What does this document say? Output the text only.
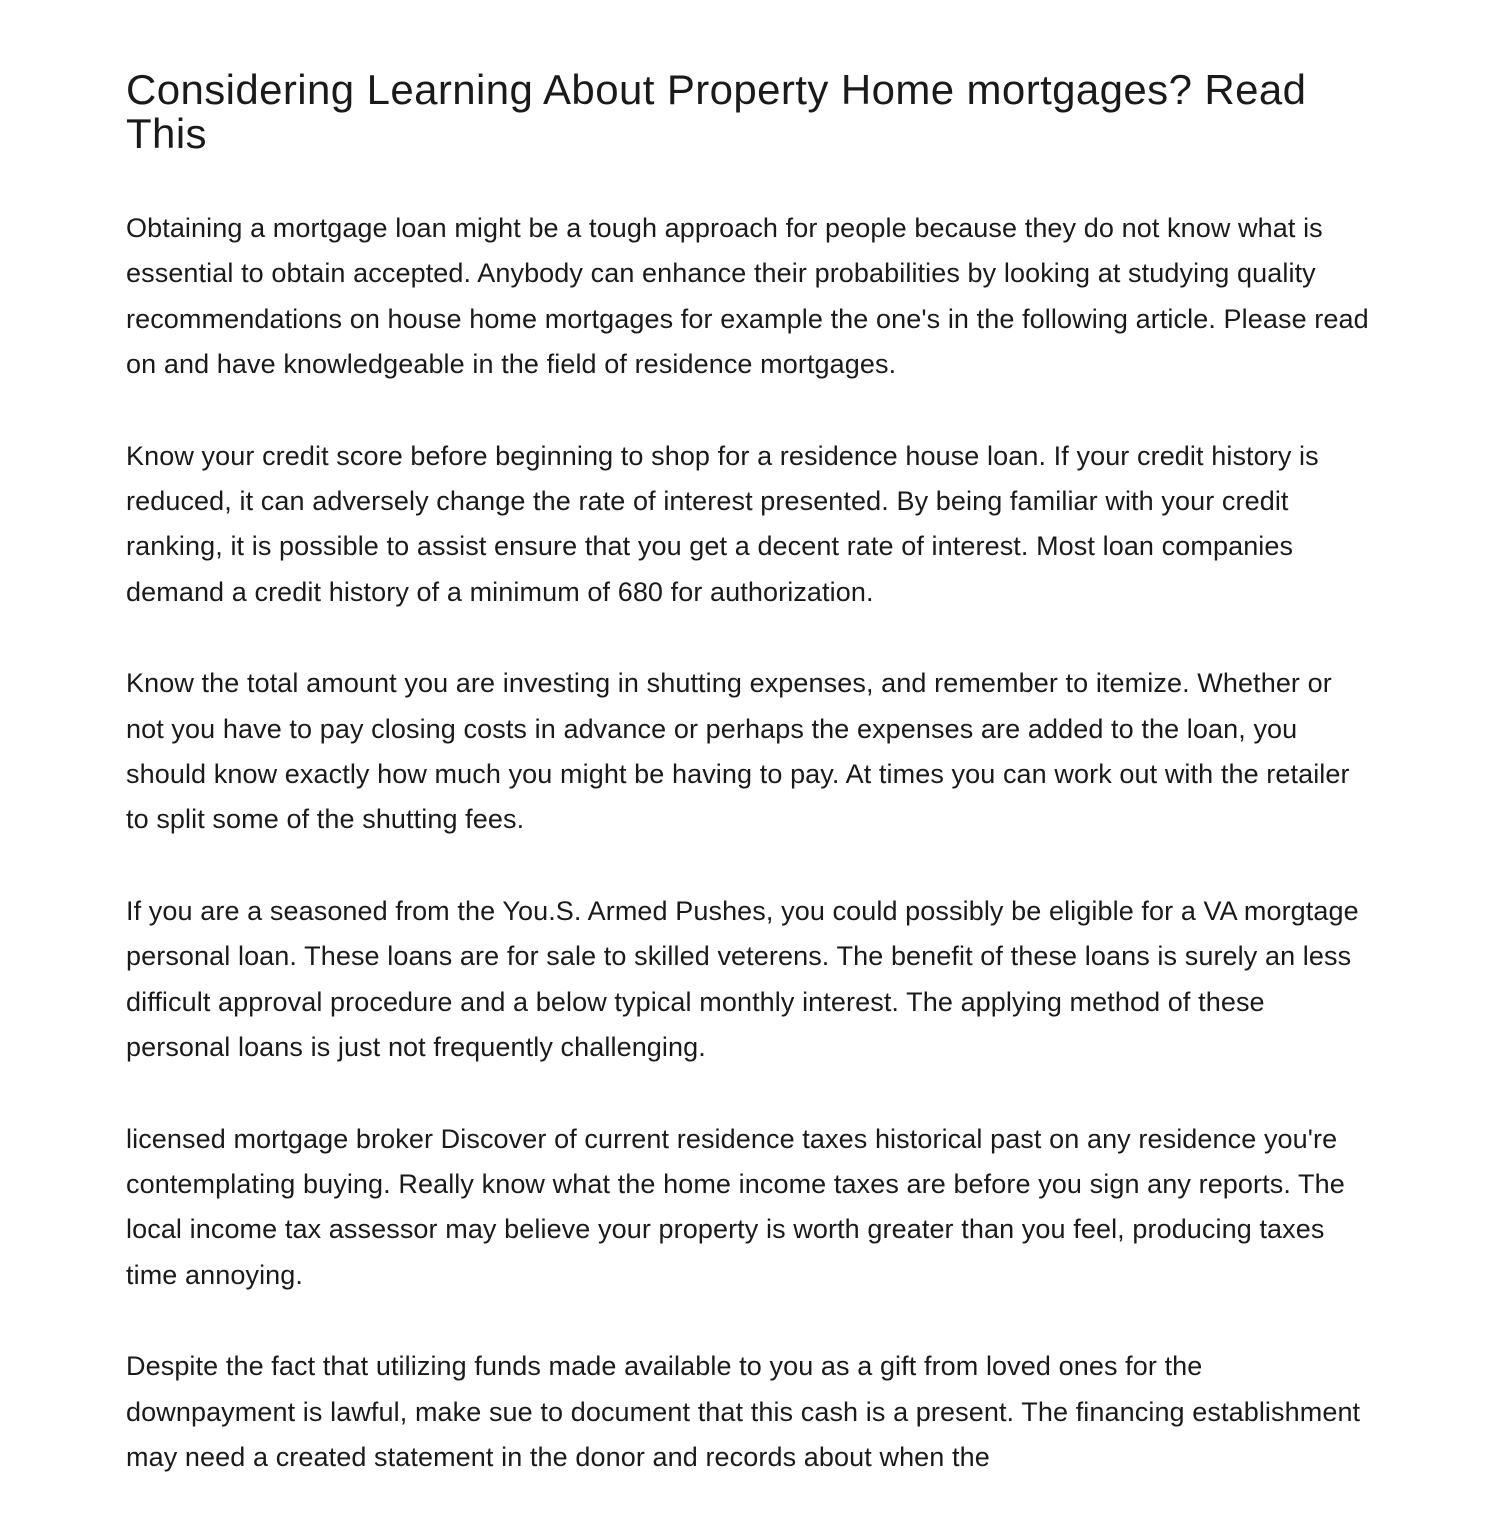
Considering Learning About Property Home mortgages? Read This

Obtaining a mortgage loan might be a tough approach for people because they do not know what is essential to obtain accepted. Anybody can enhance their probabilities by looking at studying quality recommendations on house home mortgages for example the one's in the following article. Please read on and have knowledgeable in the field of residence mortgages.

Know your credit score before beginning to shop for a residence house loan. If your credit history is reduced, it can adversely change the rate of interest presented. By being familiar with your credit ranking, it is possible to assist ensure that you get a decent rate of interest. Most loan companies demand a credit history of a minimum of 680 for authorization.

Know the total amount you are investing in shutting expenses, and remember to itemize. Whether or not you have to pay closing costs in advance or perhaps the expenses are added to the loan, you should know exactly how much you might be having to pay. At times you can work out with the retailer to split some of the shutting fees.

If you are a seasoned from the You.S. Armed Pushes, you could possibly be eligible for a VA morgtage personal loan. These loans are for sale to skilled veterens. The benefit of these loans is surely an less difficult approval procedure and a below typical monthly interest. The applying method of these personal loans is just not frequently challenging.

licensed mortgage broker Discover of current residence taxes historical past on any residence you're contemplating buying. Really know what the home income taxes are before you sign any reports. The local income tax assessor may believe your property is worth greater than you feel, producing taxes time annoying.

Despite the fact that utilizing funds made available to you as a gift from loved ones for the downpayment is lawful, make sue to document that this cash is a present. The financing establishment may need a created statement in the donor and records about when the
